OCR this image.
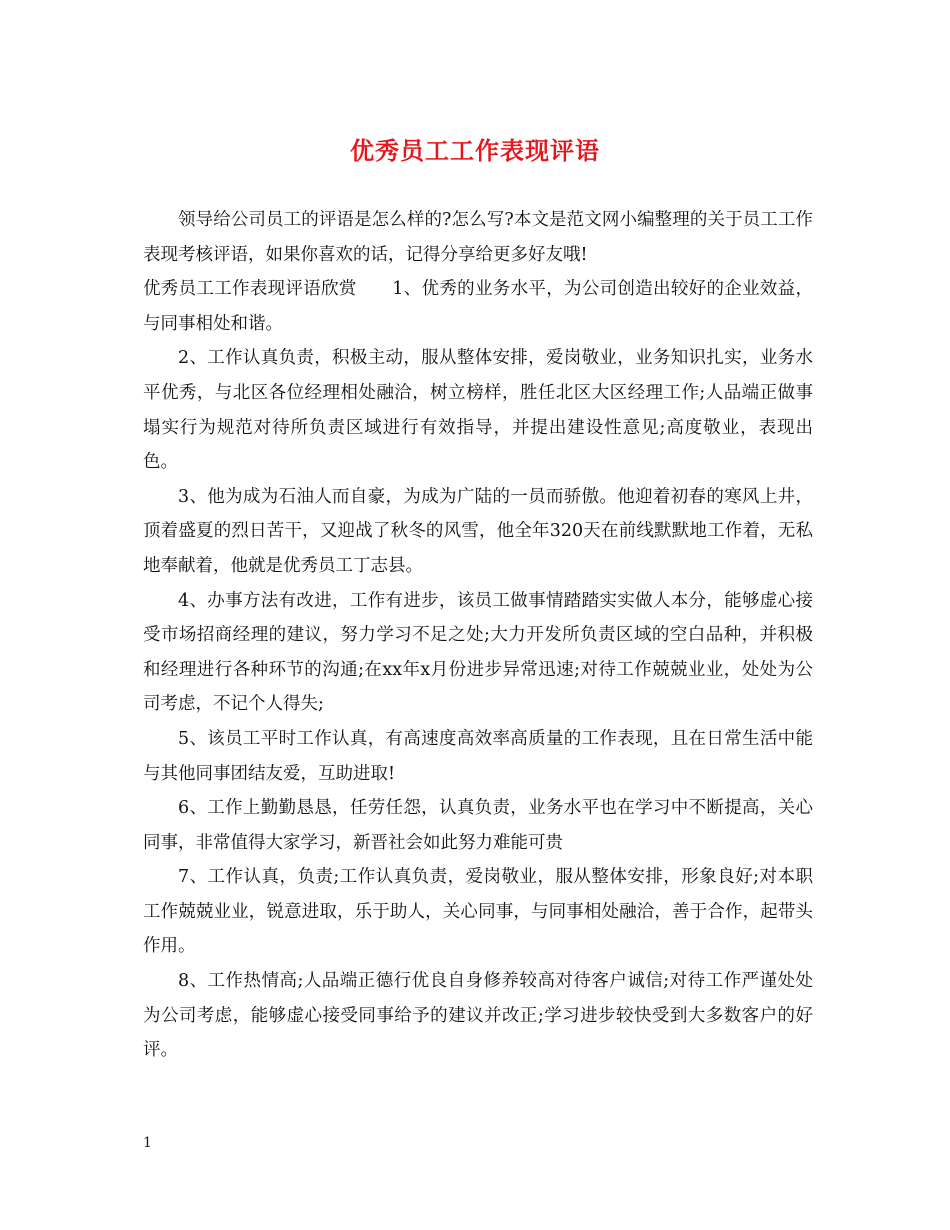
优秀员工工作表现评语

领导给公司员工的评语是怎么样的?怎么写?本文是范文网小编整理的关于员工工作表现考核评语，如果你喜欢的话，记得分享给更多好友哦!

优秀员工工作表现评语欣赏　　1、优秀的业务水平，为公司创造出较好的企业效益，与同事相处和谐。

2、工作认真负责，积极主动，服从整体安排，爱岗敬业，业务知识扎实，业务水平优秀，与北区各位经理相处融洽，树立榜样，胜任北区大区经理工作;人品端正做事塌实行为规范对待所负责区域进行有效指导，并提出建设性意见;高度敬业，表现出色。

3、他为成为石油人而自豪，为成为广陆的一员而骄傲。他迎着初春的寒风上井，顶着盛夏的烈日苦干，又迎战了秋冬的风雪，他全年320天在前线默默地工作着，无私地奉献着，他就是优秀员工丁志县。

4、办事方法有改进，工作有进步，该员工做事情踏踏实实做人本分，能够虚心接受市场招商经理的建议，努力学习不足之处;大力开发所负责区域的空白品种，并积极和经理进行各种环节的沟通;在xx年x月份进步异常迅速;对待工作兢兢业业，处处为公司考虑，不记个人得失;

5、该员工平时工作认真，有高速度高效率高质量的工作表现，且在日常生活中能与其他同事团结友爱，互助进取!

6、工作上勤勤恳恳，任劳任怨，认真负责，业务水平也在学习中不断提高，关心同事，非常值得大家学习，新晋社会如此努力难能可贵

7、工作认真，负责;工作认真负责，爱岗敬业，服从整体安排，形象良好;对本职工作兢兢业业，锐意进取，乐于助人，关心同事，与同事相处融洽，善于合作，起带头作用。

8、工作热情高;人品端正德行优良自身修养较高对待客户诚信;对待工作严谨处处为公司考虑，能够虚心接受同事给予的建议并改正;学习进步较快受到大多数客户的好评。

1
